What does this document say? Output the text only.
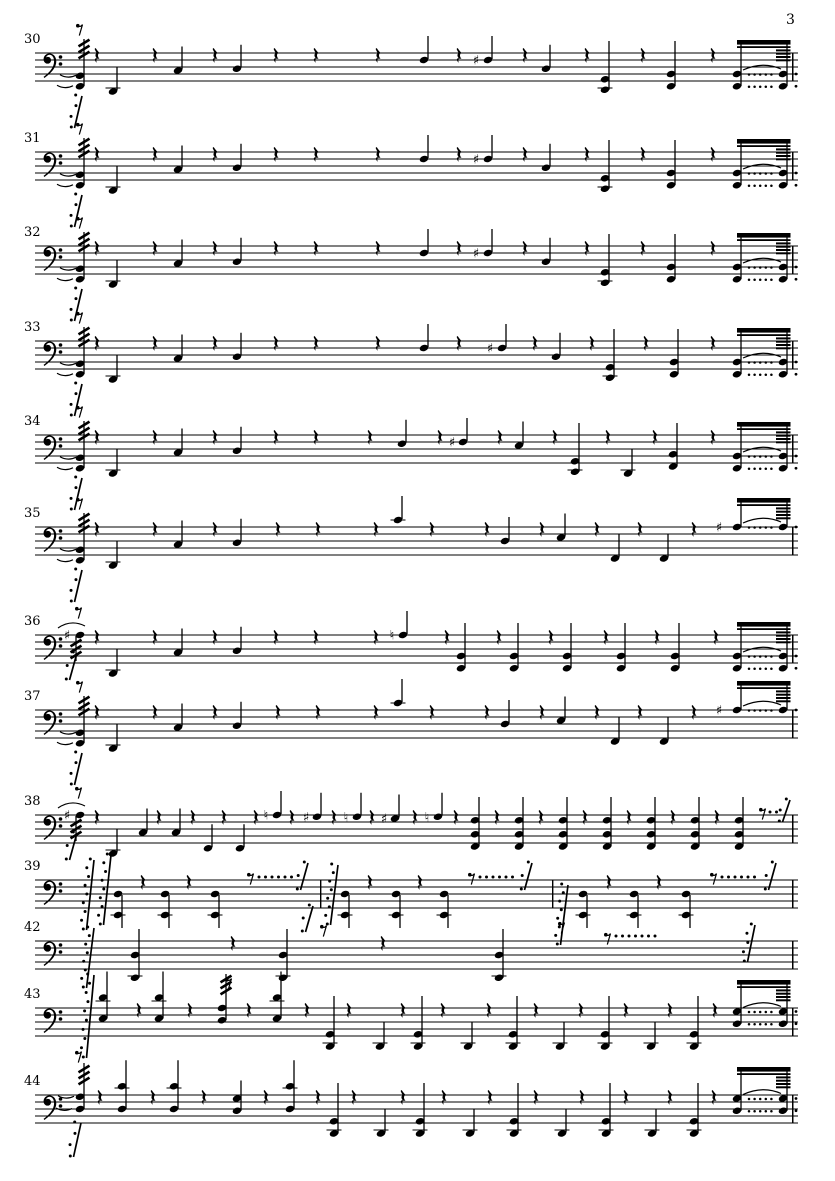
3
30
♯
31
♯
32
♯
33
♯
34
♯
35
♯
36
♯	♮
37
♯
38
♯	♮	♯	♮	♯	♮
39
42
43
44
